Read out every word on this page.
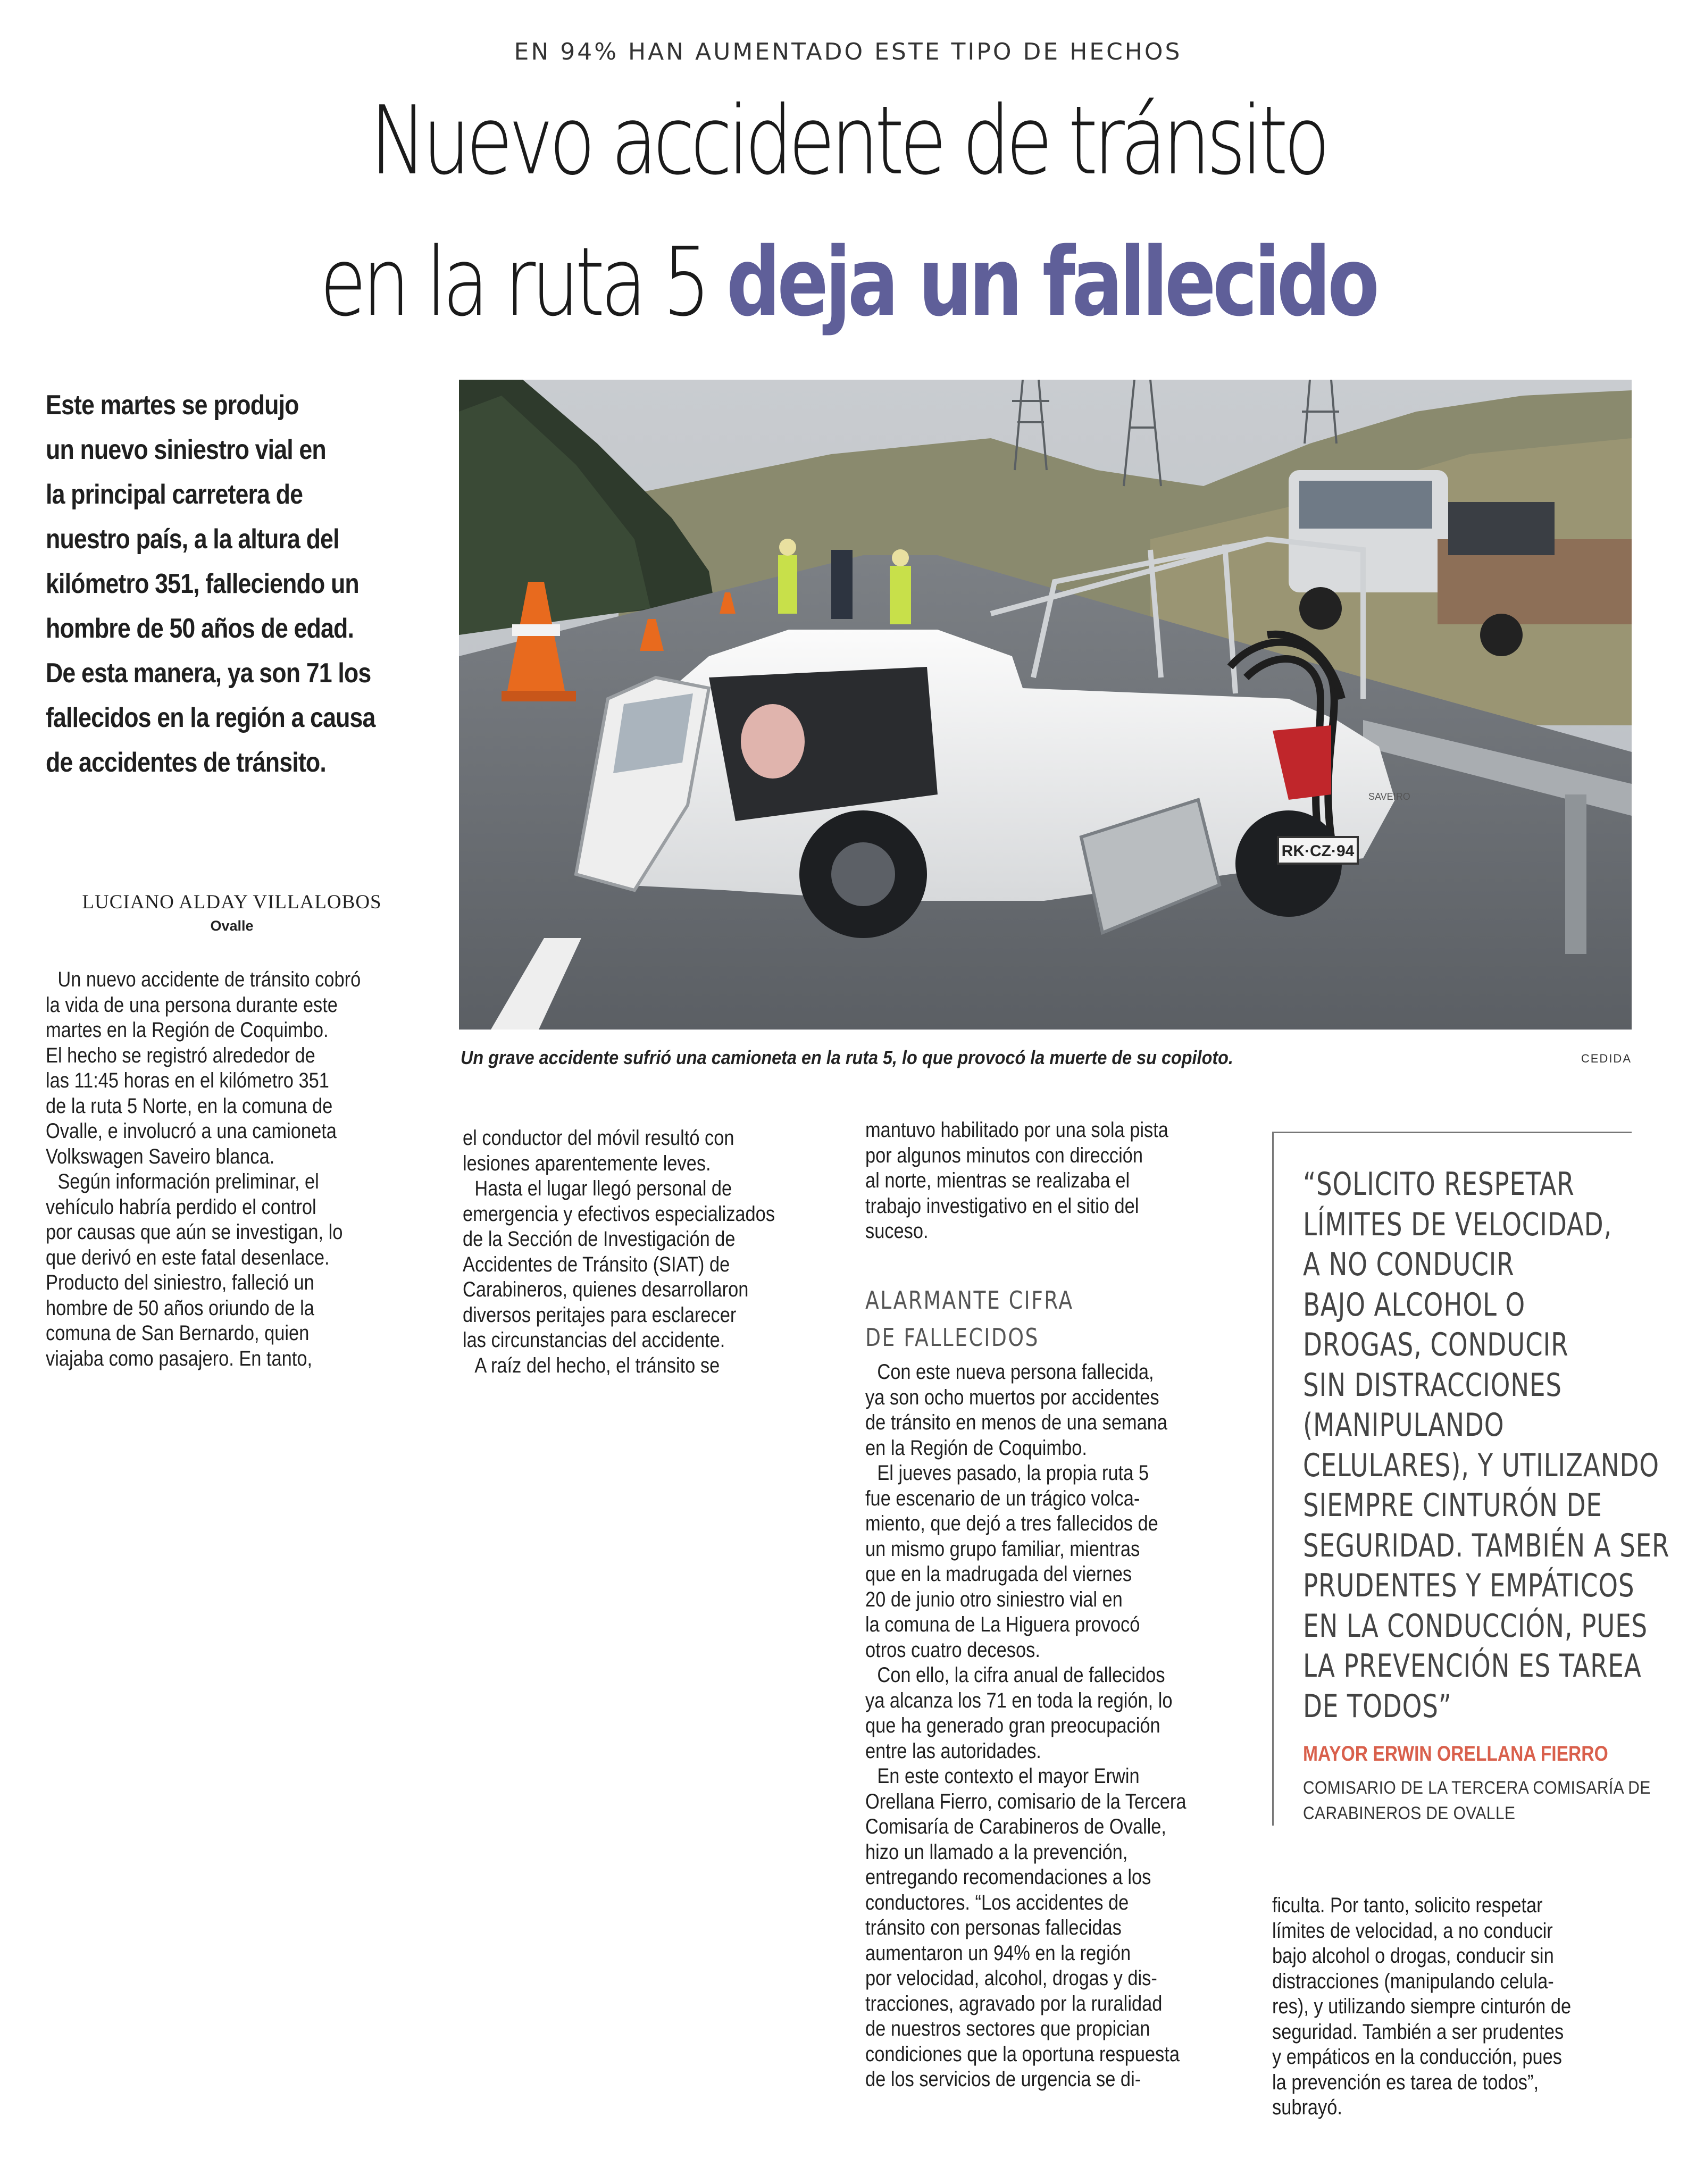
EN 94% HAN AUMENTADO ESTE TIPO DE HECHOS
Nuevo accidente de tránsito
en la ruta 5 deja un fallecido
Este martes se produjo
un nuevo siniestro vial en
la principal carretera de
nuestro país, a la altura del
kilómetro 351, falleciendo un
hombre de 50 años de edad.
De esta manera, ya son 71 los
fallecidos en la región a causa
de accidentes de tránsito.
LUCIANO ALDAY VILLALOBOS
Ovalle
RK·CZ·94
SAVEIRO
Un grave accidente sufrió una camioneta en la ruta 5, lo que provocó la muerte de su copiloto.	CEDIDA
Un nuevo accidente de tránsito cobró
la vida de una persona durante este
martes en la Región de Coquimbo.
El hecho se registró alrededor de
las 11:45 horas en el kilómetro 351
de la ruta 5 Norte, en la comuna de
Ovalle, e involucró a una camioneta
Volkswagen Saveiro blanca.
Según información preliminar, el
vehículo habría perdido el control
por causas que aún se investigan, lo
que derivó en este fatal desenlace.
Producto del siniestro, falleció un
hombre de 50 años oriundo de la
comuna de San Bernardo, quien
viajaba como pasajero. En tanto,
el conductor del móvil resultó con
lesiones aparentemente leves.
Hasta el lugar llegó personal de
emergencia y efectivos especializados
de la Sección de Investigación de
Accidentes de Tránsito (SIAT) de
Carabineros, quienes desarrollaron
diversos peritajes para esclarecer
las circunstancias del accidente.
A raíz del hecho, el tránsito se
mantuvo habilitado por una sola pista
por algunos minutos con dirección
al norte, mientras se realizaba el
trabajo investigativo en el sitio del
suceso.
ALARMANTE CIFRA
DE FALLECIDOS
Con este nueva persona fallecida,
ya son ocho muertos por accidentes
de tránsito en menos de una semana
en la Región de Coquimbo.
El jueves pasado, la propia ruta 5
fue escenario de un trágico volca-
miento, que dejó a tres fallecidos de
un mismo grupo familiar, mientras
que en la madrugada del viernes
20 de junio otro siniestro vial en
la comuna de La Higuera provocó
otros cuatro decesos.
Con ello, la cifra anual de fallecidos
ya alcanza los 71 en toda la región, lo
que ha generado gran preocupación
entre las autoridades.
En este contexto el mayor Erwin
Orellana Fierro, comisario de la Tercera
Comisaría de Carabineros de Ovalle,
hizo un llamado a la prevención,
entregando recomendaciones a los
conductores. “Los accidentes de
tránsito con personas fallecidas
aumentaron un 94% en la región
por velocidad, alcohol, drogas y dis-
tracciones, agravado por la ruralidad
de nuestros sectores que propician
condiciones que la oportuna respuesta
de los servicios de urgencia se di-
“SOLICITO RESPETAR
LÍMITES DE VELOCIDAD,
A NO CONDUCIR
BAJO ALCOHOL O
DROGAS, CONDUCIR
SIN DISTRACCIONES
(MANIPULANDO
CELULARES), Y UTILIZANDO
SIEMPRE CINTURÓN DE
SEGURIDAD. TAMBIÉN A SER
PRUDENTES Y EMPÁTICOS
EN LA CONDUCCIÓN, PUES
LA PREVENCIÓN ES TAREA
DE TODOS”
MAYOR ERWIN ORELLANA FIERRO
COMISARIO DE LA TERCERA COMISARÍA DE
CARABINEROS DE OVALLE
ficulta. Por tanto, solicito respetar
límites de velocidad, a no conducir
bajo alcohol o drogas, conducir sin
distracciones (manipulando celula-
res), y utilizando siempre cinturón de
seguridad. También a ser prudentes
y empáticos en la conducción, pues
la prevención es tarea de todos”,
subrayó.
